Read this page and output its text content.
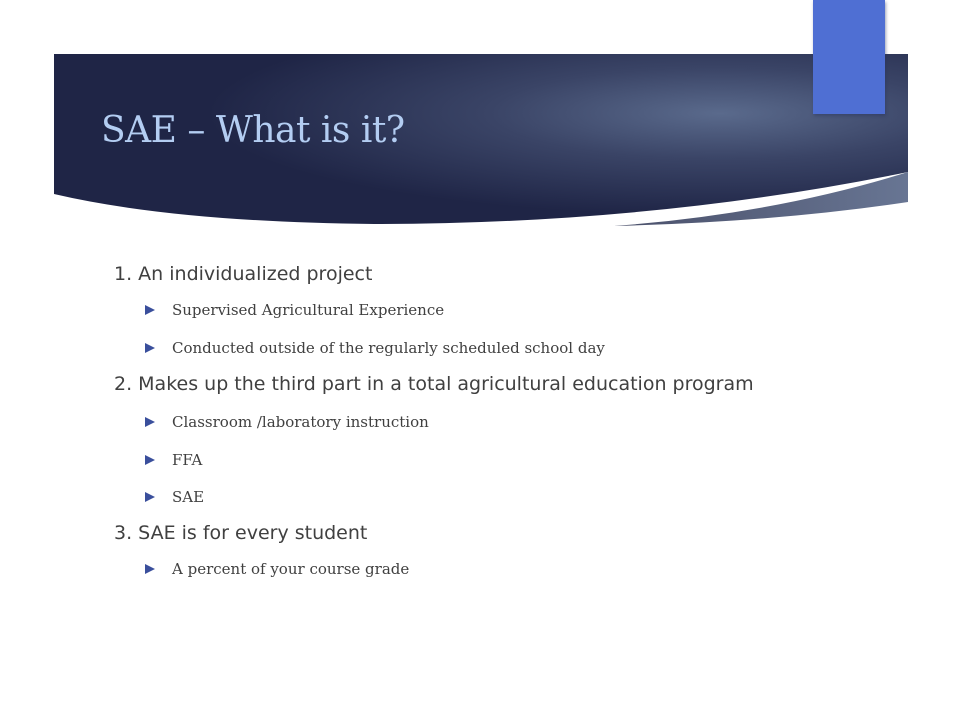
SAE – What is it?
1. An individualized project
Supervised Agricultural Experience
Conducted outside of the regularly scheduled school day
2. Makes up the third part in a total agricultural education program
Classroom /laboratory instruction
FFA
SAE
3. SAE is for every student
A percent of your course grade
